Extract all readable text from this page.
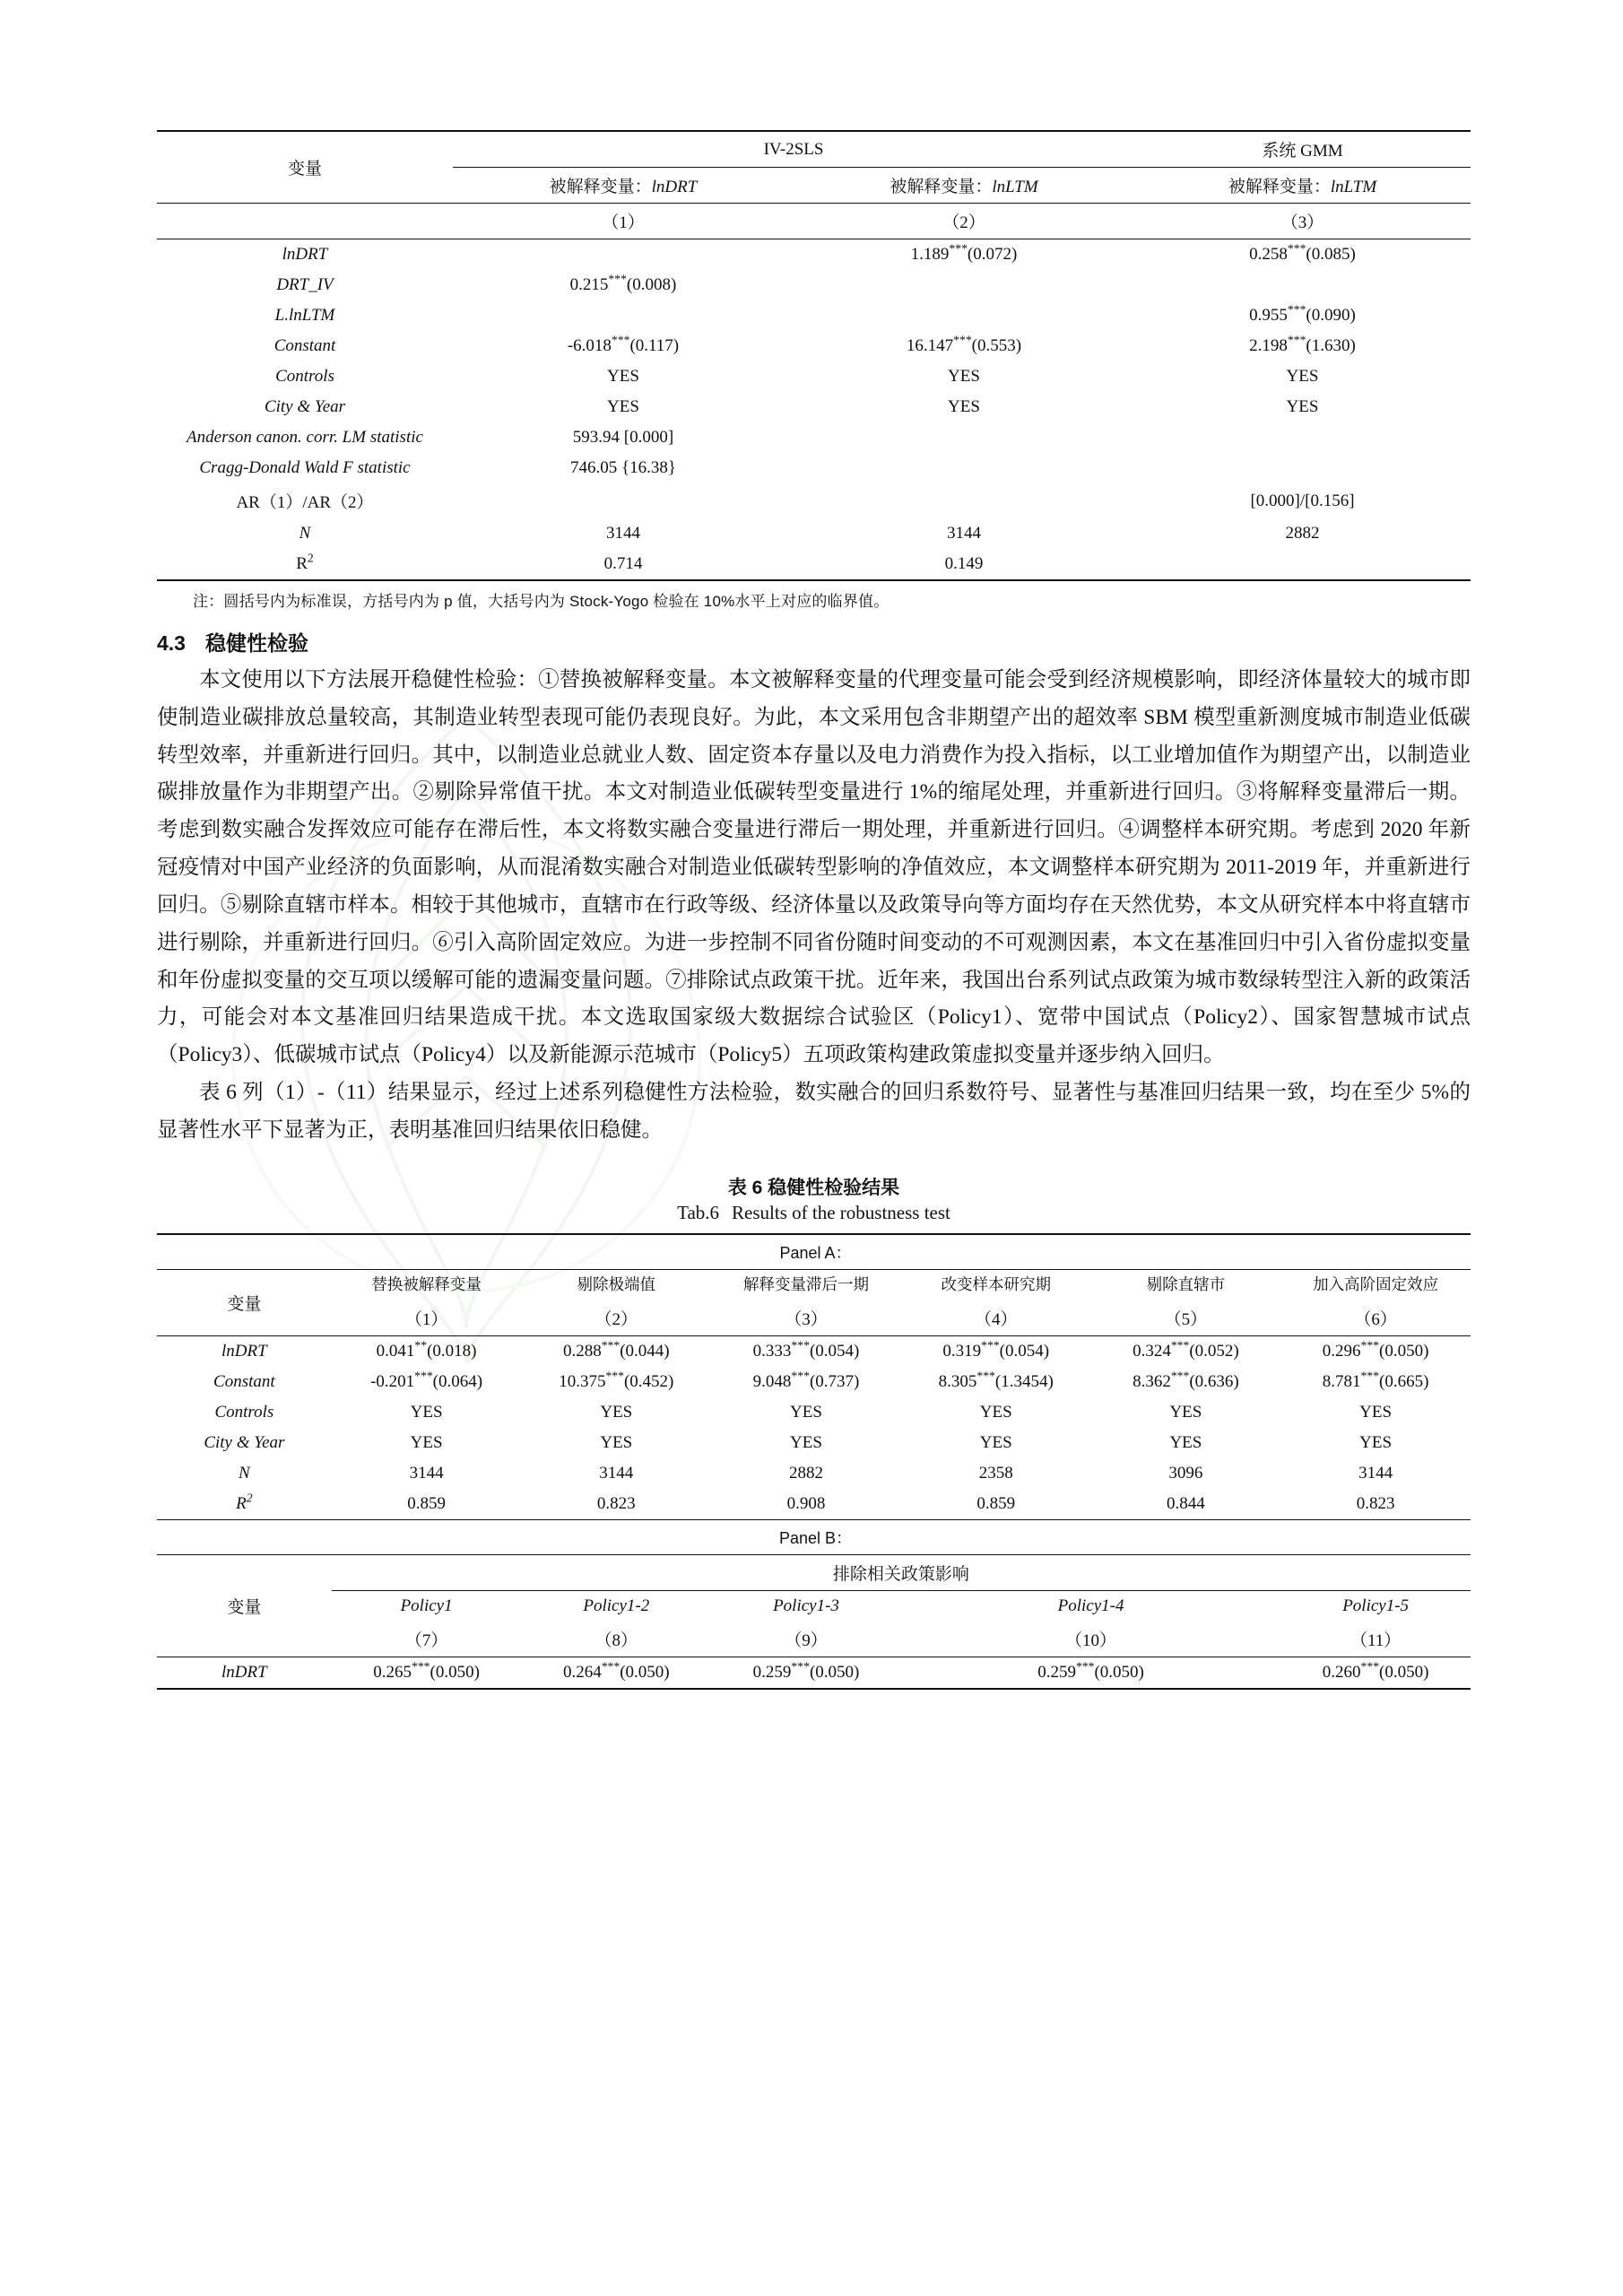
变量	IV-2SLS		系统 GMM
	被解释变量：lnDRT	被解释变量：lnLTM	被解释变量：lnLTM
	（1）	（2）	（3）
lnDRT		1.189***(0.072)	0.258***(0.085)
DRT_IV	0.215***(0.008)		
L.lnLTM			0.955***(0.090)
Constant	-6.018***(0.117)	16.147***(0.553)	2.198***(1.630)
Controls	YES	YES	YES
City & Year	YES	YES	YES
Anderson canon. corr. LM statistic	593.94 [0.000]		
Cragg-Donald Wald F statistic	746.05 {16.38}		
AR（1）/AR（2）			[0.000]/[0.156]
N	3144	3144	2882
$R^2$	0.714	0.149	
注：圆括号内为标准误，方括号内为 p 值，大括号内为 Stock-Yogo 检验在 10%水平上对应的临界值。
4.3 稳健性检验

本文使用以下方法展开稳健性检验：①替换被解释变量。本文被解释变量的代理变量可能会受到经济规模影响，即经济体量较大的城市即使制造业碳排放总量较高，其制造业转型表现可能仍表现良好。为此，本文采用包含非期望产出的超效率 SBM 模型重新测度城市制造业低碳转型效率，并重新进行回归。其中，以制造业总就业人数、固定资本存量以及电力消费作为投入指标，以工业增加值作为期望产出，以制造业碳排放量作为非期望产出。②剔除异常值干扰。本文对制造业低碳转型变量进行 1%的缩尾处理，并重新进行回归。③将解释变量滞后一期。考虑到数实融合发挥效应可能存在滞后性，本文将数实融合变量进行滞后一期处理，并重新进行回归。④调整样本研究期。考虑到 2020 年新冠疫情对中国产业经济的负面影响，从而混淆数实融合对制造业低碳转型影响的净值效应，本文调整样本研究期为 2011-2019 年，并重新进行回归。⑤剔除直辖市样本。相较于其他城市，直辖市在行政等级、经济体量以及政策导向等方面均存在天然优势，本文从研究样本中将直辖市进行剔除，并重新进行回归。⑥引入高阶固定效应。为进一步控制不同省份随时间变动的不可观测因素，本文在基准回归中引入省份虚拟变量和年份虚拟变量的交互项以缓解可能的遗漏变量问题。⑦排除试点政策干扰。近年来，我国出台系列试点政策为城市数绿转型注入新的政策活力，可能会对本文基准回归结果造成干扰。本文选取国家级大数据综合试验区（Policy1）、宽带中国试点（Policy2）、国家智慧城市试点（Policy3）、低碳城市试点（Policy4）以及新能源示范城市（Policy5）五项政策构建政策虚拟变量并逐步纳入回归。

表 6 列（1）-（11）结果显示，经过上述系列稳健性方法检验，数实融合的回归系数符号、显著性与基准回归结果一致，均在至少 5%的显著性水平下显著为正，表明基准回归结果依旧稳健。

表 6 稳健性检验结果
Tab.6 Results of the robustness test
Panel A：						
变量	替换被解释变量	剔除极端值	解释变量滞后一期	改变样本研究期	剔除直辖市	加入高阶固定效应
	（1）	（2）	（3）	（4）	（5）	（6）
lnDRT	0.041**(0.018)	0.288***(0.044)	0.333***(0.054)	0.319***(0.054)	0.324***(0.052)	0.296***(0.050)
Constant	-0.201***(0.064)	10.375***(0.452)	9.048***(0.737)	8.305***(1.3454)	8.362***(0.636)	8.781***(0.665)
Controls	YES	YES	YES	YES	YES	YES
City & Year	YES	YES	YES	YES	YES	YES
N	3144	3144	2882	2358	3096	3144
$R^2$	0.859	0.823	0.908	0.859	0.844	0.823
Panel B：						
变量	排除相关政策影响					
	Policy1	Policy1-2	Policy1-3	Policy1-4		Policy1-5
	（7）	（8）	（9）	（10）		（11）
lnDRT	0.265***(0.050)	0.264***(0.050)	0.259***(0.050)	0.259***(0.050)		0.260***(0.050)
